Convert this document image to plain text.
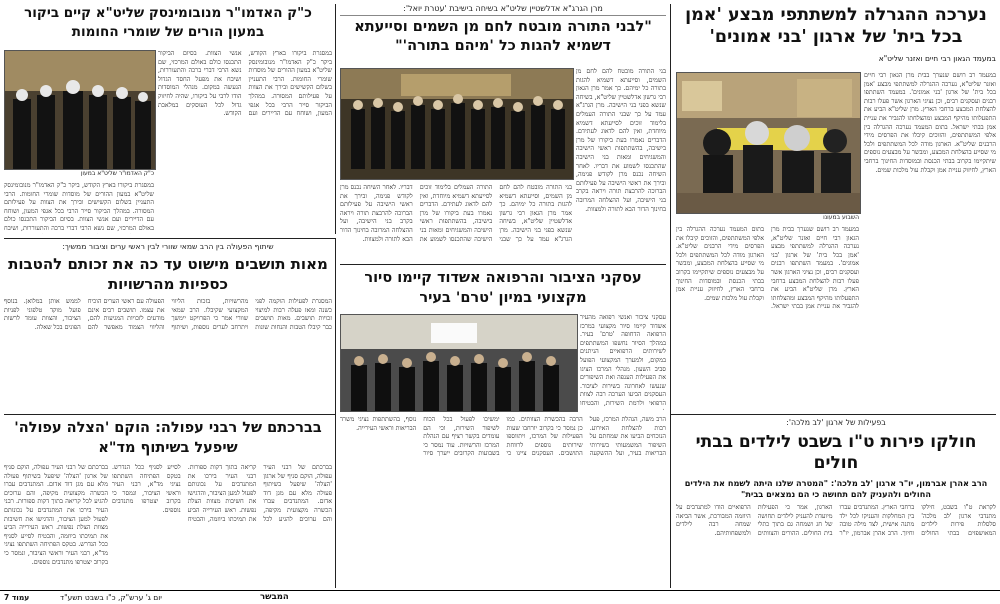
נערכה ההגרלה למשתתפי מבצע 'אמן בכל בית' של ארגון 'בני אמונים'
במעמד הגאון רבי חיים ואזנר שליט"א
השבוע במעונו
במעמד רב רושם שנערך בבית מרן הגאון רבי חיים ואזנר שליט"א, נערכה ההגרלה למשתתפי מבצע 'אמן בכל בית' של ארגון 'בני אמונים'. במעמד השתתפו רבנים ועסקנים רבים, וכן נציגי הארגון אשר פעלו רבות להצלחת המבצע ברחבי הארץ. מרן שליט"א הביע את התפעלותו מהיקף המבצע ומהצלחתו להגביר את עניית אמן בבתי ישראל. בתום המעמד נערכה ההגרלה בין אלפי המשתתפים, והזוכים קיבלו את הפרסים מידי הרבנים שליט"א. הארגון מודה לכל המשתתפים ולכל מי שסייע בהצלחת המבצע, ומבשר על מבצעים נוספים שיתקיימו בקרוב בבתי הכנסת ובמוסדות החינוך ברחבי הארץ, לחיזוק עניית אמן וקבלת עול מלכות שמים.
במעמד רב רושם שנערך בבית מרן הגאון רבי חיים ואזנר שליט"א, נערכה ההגרלה למשתתפי מבצע 'אמן בכל בית' של ארגון 'בני אמונים'. במעמד השתתפו רבנים ועסקנים רבים, וכן נציגי הארגון אשר פעלו רבות להצלחת המבצע ברחבי הארץ. מרן שליט"א הביע את התפעלותו מהיקף המבצע ומהצלחתו להגביר את עניית אמן בבתי ישראל. בתום המעמד נערכה ההגרלה בין אלפי המשתתפים, והזוכים קיבלו את הפרסים מידי הרבנים שליט"א. הארגון מודה לכל המשתתפים ולכל מי שסייע בהצלחת המבצע, ומבשר על מבצעים נוספים שיתקיימו בקרוב בבתי הכנסת ובמוסדות החינוך ברחבי הארץ, לחיזוק עניית אמן וקבלת עול מלכות שמים.
מרן הגרג"א אדלשטיין שליט"א בשיחה בישיבת 'עטרת יואל':
"לבני התורה מובטח לחם מן השמים וסייעתא דשמיא להגות כל 'מיהם בתורה'"
בני התורה מובטח להם לחם מן השמים, וסייעתא דשמיא להגות בתורה כל ימיהם. כך אמר מרן הגאון רבי גרשון אדלשטיין שליט"א, בשיחה שנשא בפני בני הישיבה. מרן הגרג"א עמד על כך שבני התורה העמלים בלימוד זוכים לסייעתא דשמיא מיוחדת, ואין להם לדאוג לעתידם. הדברים נאמרו בעת ביקורו של מרן בישיבה, בהשתתפות ראשי הישיבה והמשגיחים ומאות בני הישיבה שהתכנסו לשמוע את דבריו. לאחר השיחה נכנס מרן לקודש פנימה, ובירך את ראשי הישיבה על פעילותם הברוכה להרבצת תורה ויראה בקרב בני הישיבה, ועל ההצלחה המרובה בחינוך הדור הבא לתורה ולמצוות.
בני התורה מובטח להם לחם מן השמים, וסייעתא דשמיא להגות בתורה כל ימיהם. כך אמר מרן הגאון רבי גרשון אדלשטיין שליט"א, בשיחה שנשא בפני בני הישיבה. מרן הגרג"א עמד על כך שבני התורה העמלים בלימוד זוכים לסייעתא דשמיא מיוחדת, ואין להם לדאוג לעתידם. הדברים נאמרו בעת ביקורו של מרן בישיבה, בהשתתפות ראשי הישיבה והמשגיחים ומאות בני הישיבה שהתכנסו לשמוע את דבריו. לאחר השיחה נכנס מרן לקודש פנימה, ובירך את ראשי הישיבה על פעילותם הברוכה להרבצת תורה ויראה בקרב בני הישיבה, ועל ההצלחה המרובה בחינוך הדור הבא לתורה ולמצוות.
כ"ק האדמו"ר מנובומינסק שליט"א קיים ביקור במעון הורים של שומרי החומות
כ"ק האדמו"ר שליט"א במעון
במסגרת ביקורו בארץ הקודש, ביקר כ"ק האדמו"ר מנובומינסק שליט"א במעון ההורים של מוסדות שומרי החומות. הרבי התעניין בשלום הקשישים ובירך את הצוות על פעילותם המסורה. במהלך הביקור סייר הרבי בכל אגפי המעון, ושוחח עם הדיירים ועם אנשי הצוות. בסיום הביקור התכנסו כולם באולם המרכזי, שם נשא הרבי דברי ברכה והתעוררות, ושיבח את מפעל החסד הגדול הנעשה במקום. מנהלי המוסדות הודו לרבי על ביקורו, שהיה לחיזוק גדול לכל העוסקים במלאכת הקודש.
במסגרת ביקורו בארץ הקודש, ביקר כ"ק האדמו"ר מנובומינסק שליט"א במעון ההורים של מוסדות שומרי החומות. הרבי התעניין בשלום הקשישים ובירך את הצוות על פעילותם המסורה. במהלך הביקור סייר הרבי בכל אגפי המעון, ושוחח עם הדיירים ועם אנשי הצוות. בסיום הביקור התכנסו כולם באולם המרכזי, שם נשא הרבי דברי ברכה והתעוררות, ושיבח
שיתוף הפעולה בין הרב שמאי שוורי לבין ראשי ערים וציבור ממשיך:
מאות תושבים מישוט עד כה את זכותם להטבות כספיות מהרשויות
המסגרת לפעילות הוקמה לפני כשנה ומאז פעלה רבות למיצוי זכויות תושבים. מאות תושבים כבר קיבלו הטבות והנחות שונות מהרשויות, בזכות הליווי המקצועי שקיבלו. הרב שמאי שוורי אמר כי הפרויקט יימשך ויתרחב לערים נוספות, ושיתוף הפעולה עם ראשי הערים הוכיח את עצמו. תושבים רבים אינם מודעים לזכויות המגיעות להם, והליווי הצמוד מאפשר להם לממש אותן במלואן. בנוסף פועל מוקד טלפוני לפניות הציבור, והצוות עומד לרשות הפונים בכל שאלה.
עסקני הציבור והרפואה אשדוד קיימו סיור מקצועי במיון 'טרם' בעיר
עסקני ציבור ואנשי רפואה מהעיר אשדוד קיימו סיור מקצועי במרכז הרפואה הדחופה 'טרם' בעיר. במהלך הסיור נחשפו המשתתפים לשירותים הרפואיים הניתנים במקום, ולמערך המקצועי הפועל סביב השעון. מנהלי המרכז הציגו את הפעילות הענפה ואת השיפורים שנעשו לאחרונה בשירות לציבור. העסקנים הביעו הערכה רבה לצוות הרפואי ולרמת השירות, והבטיחו
בפעילות של ארגון 'לב מלכה':
חולקו פירות ט"ו בשבט לילדים בבתי חולים
הרב אהרן אברמון, יו"ר ארגון 'לב מלכה': "המטרה שלנו היתה לשמח את הילדים החולים ולהעניק להם תחושה כי הם נמצאים בבית"
לקראת ט"ו בשבט, חילקו מתנדבי ארגון 'לב מלכה' סלסלות פירות לילדים המאושפזים בבתי החולים ברחבי הארץ. המתנדבים עברו בין המחלקות והעניקו לכל ילד מתנה אישית, לצד מילה טובה וחיוך. הרב אהרן אברמון, יו"ר הארגון, אמר כי הפעילות מיועדת להעניק לילדים תחושה של חג ושמחה גם בתוך כתלי בית החולים. ההורים והצוותים הרפואיים הודו למתנדבים על היוזמה המבורכת, אשר הביאה שמחה רבה לילדים ולמשפחותיהם.
הרב משה, הנהלת המרכז, פעל רבות להצלחת האירוע. הנוכחים הביעו את שמחתם על השיפור המשמעותי בשירותי הבריאות בעיר, ועל ההשקעה הרבה בהכשרת הצוותים. כמו כן נמסר כי בקרוב יורחבו שעות הפעילות של המרכז, ויתווספו שירותים נוספים לרווחת התושבים. העסקנים ציינו כי ימשיכו לפעול בכל הכוח לשיפור השירות, וכי הם עומדים בקשר רציף עם הנהלת המרכז והרשויות. עוד נמסר כי בשבועות הקרובים ייערך סיור נוסף, בהשתתפות נציגי משרד הבריאות וראשי העירייה.
בברכתם של רבני עפולה: הוקם 'הצלה עפולה' שיפעל בשיתוף מד"א
בברכתם של רבני העיר עפולה, הוקם סניף של ארגון 'הצלה' שיפעל בשיתוף פעולה מלא עם מגן דוד אדום. המתנדבים עברו הכשרה מקצועית מקיפה, והם ערוכים להגיע לכל קריאה בתוך דקות ספורות. רבני העיר בירכו את המתנדבים על נכונותם לפעול למען הציבור, והדגישו את חשיבות מצוות הצלת נפשות. ראש העירייה הביע את תמיכתו ביוזמה, והבטיח לסייע לסניף ככל הנדרש. בטקס הפתיחה השתתפו נציגי מד"א, רבני העיר וראשי הציבור, ונמסר כי בקרוב יצטרפו מתנדבים נוספים.
בברכתם של רבני העיר עפולה, הוקם סניף של ארגון 'הצלה' שיפעל בשיתוף פעולה מלא עם מגן דוד אדום. המתנדבים עברו הכשרה מקצועית מקיפה, והם ערוכים להגיע לכל קריאה בתוך דקות ספורות. רבני העיר בירכו את המתנדבים על נכונותם לפעול למען הציבור, והדגישו את חשיבות מצוות הצלת נפשות. ראש העירייה הביע את תמיכתו ביוזמה, והבטיח לסייע לסניף ככל הנדרש. בטקס הפתיחה השתתפו נציגי מד"א, רבני העיר וראשי הציבור, ונמסר כי בקרוב יצטרפו מתנדבים נוספים.
עמוד 7	יום ג' ערש"ק, כ"ו בשבט תשע"ד	המבשר
